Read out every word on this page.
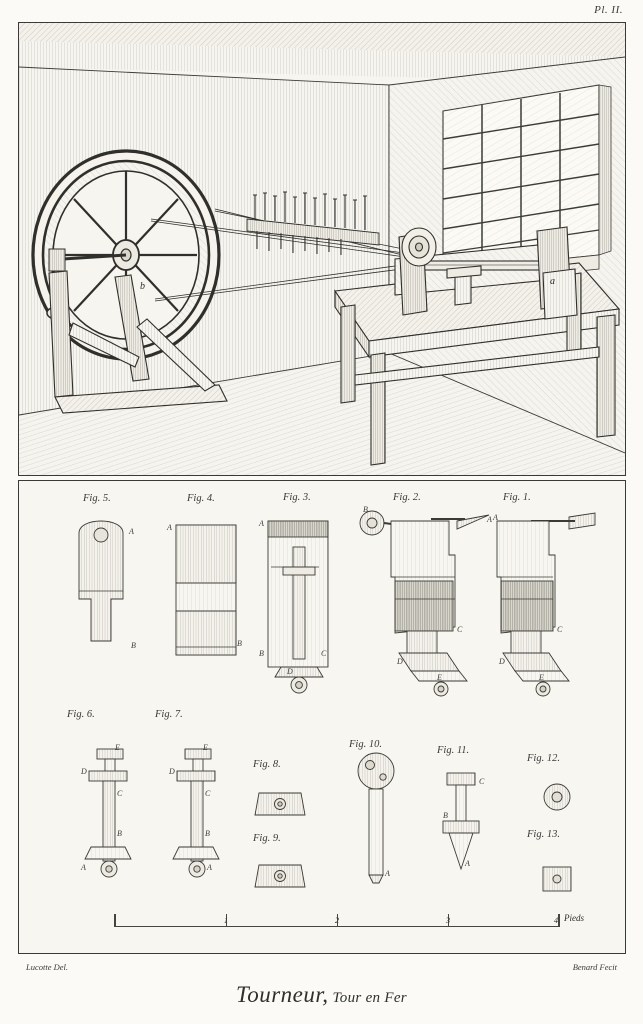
Pl. II.
b	a
Fig. 5.	Fig. 4.	Fig. 3.	Fig. 2.	Fig. 1.
Fig. 6.	Fig. 7.
Fig. 8.
Fig. 9.
Fig. 10.
Fig. 11.
Fig. 12.
Fig. 13.
A
B
A
B
A
B	C
D
B
A
C
D
E
A
C
D
E
E
D
C
B
A
E
D
C
B
A
A
C
B
A
1	2	3	4 Pieds
Lucotte Del.	Benard Fecit
Tourneur, Tour en Fer
